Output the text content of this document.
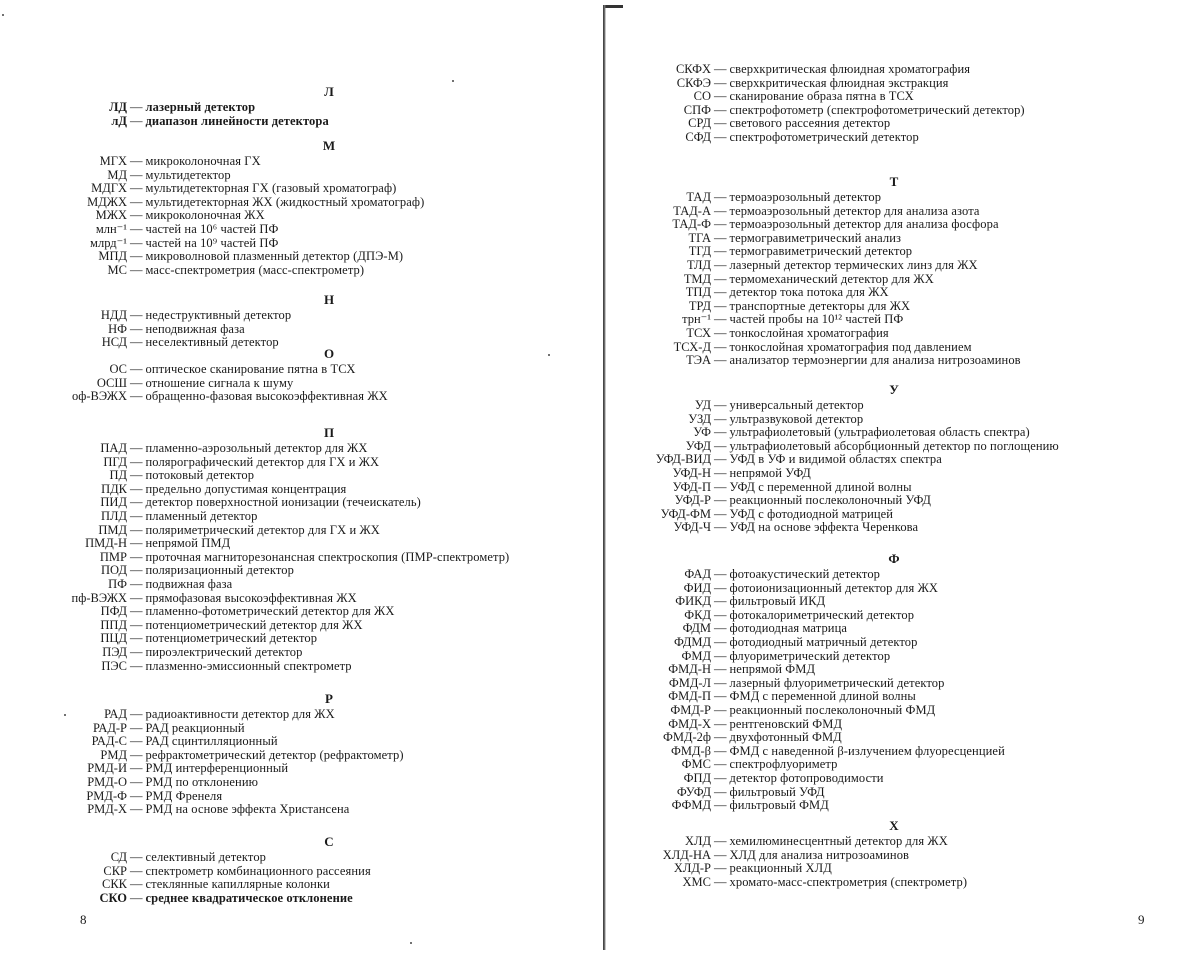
Л
ЛД — лазерный детектор
лД — диапазон линейности детектора
М
МГХ — микроколоночная ГХ
МД — мультидетектор
МДГХ — мультидетекторная ГХ (газовый хроматограф)
МДЖХ — мультидетекторная ЖХ (жидкостный хроматограф)
МЖХ — микроколоночная ЖХ
млн⁻¹ — частей на 10⁶ частей ПФ
млрд⁻¹ — частей на 10⁹ частей ПФ
МПД — микроволновой плазменный детектор (ДПЭ-М)
МС — масс-спектрометрия (масс-спектрометр)
Н
НДД — недеструктивный детектор
НФ — неподвижная фаза
НСД — неселективный детектор
О
ОС — оптическое сканирование пятна в ТСХ
ОСШ — отношение сигнала к шуму
оф-ВЭЖХ — обращенно-фазовая высокоэффективная ЖХ
П
ПАД — пламенно-аэрозольный детектор для ЖХ
ПГД — полярографический детектор для ГХ и ЖХ
ПД — потоковый детектор
ПДК — предельно допустимая концентрация
ПИД — детектор поверхностной ионизации (течеискатель)
ПЛД — пламенный детектор
ПМД — поляриметрический детектор для ГХ и ЖХ
ПМД-Н — непрямой ПМД
ПМР — проточная магниторезонансная спектроскопия (ПМР-спектрометр)
ПОД — поляризационный детектор
ПФ — подвижная фаза
пф-ВЭЖХ — прямофазовая высокоэффективная ЖХ
ПФД — пламенно-фотометрический детектор для ЖХ
ППД — потенциометрический детектор для ЖХ
ПЦД — потенциометрический детектор
ПЭД — пироэлектрический детектор
ПЭС — плазменно-эмиссионный спектрометр
Р
РАД — радиоактивности детектор для ЖХ
РАД-Р — РАД реакционный
РАД-С — РАД сцинтилляционный
РМД — рефрактометрический детектор (рефрактометр)
РМД-И — РМД интерференционный
РМД-О — РМД по отклонению
РМД-Ф — РМД Френеля
РМД-Х — РМД на основе эффекта Христансена
С
СД — селективный детектор
СКР — спектрометр комбинационного рассеяния
СКК — стеклянные капиллярные колонки
СКО — среднее квадратическое отклонение
8
СКФХ — сверхкритическая флюидная хроматография
СКФЭ — сверхкритическая флюидная экстракция
СО — сканирование образа пятна в ТСХ
СПФ — спектрофотометр (спектрофотометрический детектор)
СРД — светового рассеяния детектор
СФД — спектрофотометрический детектор
Т
ТАД — термоаэрозольный детектор
ТАД-А — термоаэрозольный детектор для анализа азота
ТАД-Ф — термоаэрозольный детектор для анализа фосфора
ТГА — термогравиметрический анализ
ТГД — термогравиметрический детектор
ТЛД — лазерный детектор термических линз для ЖХ
ТМД — термомеханический детектор для ЖХ
ТПД — детектор тока потока для ЖХ
ТРД — транспортные детекторы для ЖХ
трн⁻¹ — частей пробы на 10¹² частей ПФ
ТСХ — тонкослойная хроматография
ТСХ-Д — тонкослойная хроматография под давлением
ТЭА — анализатор термоэнергии для анализа нитрозоаминов
У
УД — универсальный детектор
УЗД — ультразвуковой детектор
УФ — ультрафиолетовый (ультрафиолетовая область спектра)
УФД — ультрафиолетовый абсорбционный детектор по поглощению
УФД-ВИД — УФД в УФ и видимой областях спектра
УФД-Н — непрямой УФД
УФД-П — УФД с переменной длиной волны
УФД-Р — реакционный послеколоночный УФД
УФД-ФМ — УФД с фотодиодной матрицей
УФД-Ч — УФД на основе эффекта Черенкова
Ф
ФАД — фотоакустический детектор
ФИД — фотоионизационный детектор для ЖХ
ФИКД — фильтровый ИКД
ФКД — фотокалориметрический детектор
ФДМ — фотодиодная матрица
ФДМД — фотодиодный матричный детектор
ФМД — флуориметрический детектор
ФМД-Н — непрямой ФМД
ФМД-Л — лазерный флуориметрический детектор
ФМД-П — ФМД с переменной длиной волны
ФМД-Р — реакционный послеколоночный ФМД
ФМД-Х — рентгеновский ФМД
ФМД-2ф — двухфотонный ФМД
ФМД-β — ФМД с наведенной β-излучением флуоресценцией
ФМС — спектрофлуориметр
ФПД — детектор фотопроводимости
ФУФД — фильтровый УФД
ФФМД — фильтровый ФМД
Х
ХЛД — хемилюминесцентный детектор для ЖХ
ХЛД-НА — ХЛД для анализа нитрозоаминов
ХЛД-Р — реакционный ХЛД
ХМС — хромато-масс-спектрометрия (спектрометр)
9
